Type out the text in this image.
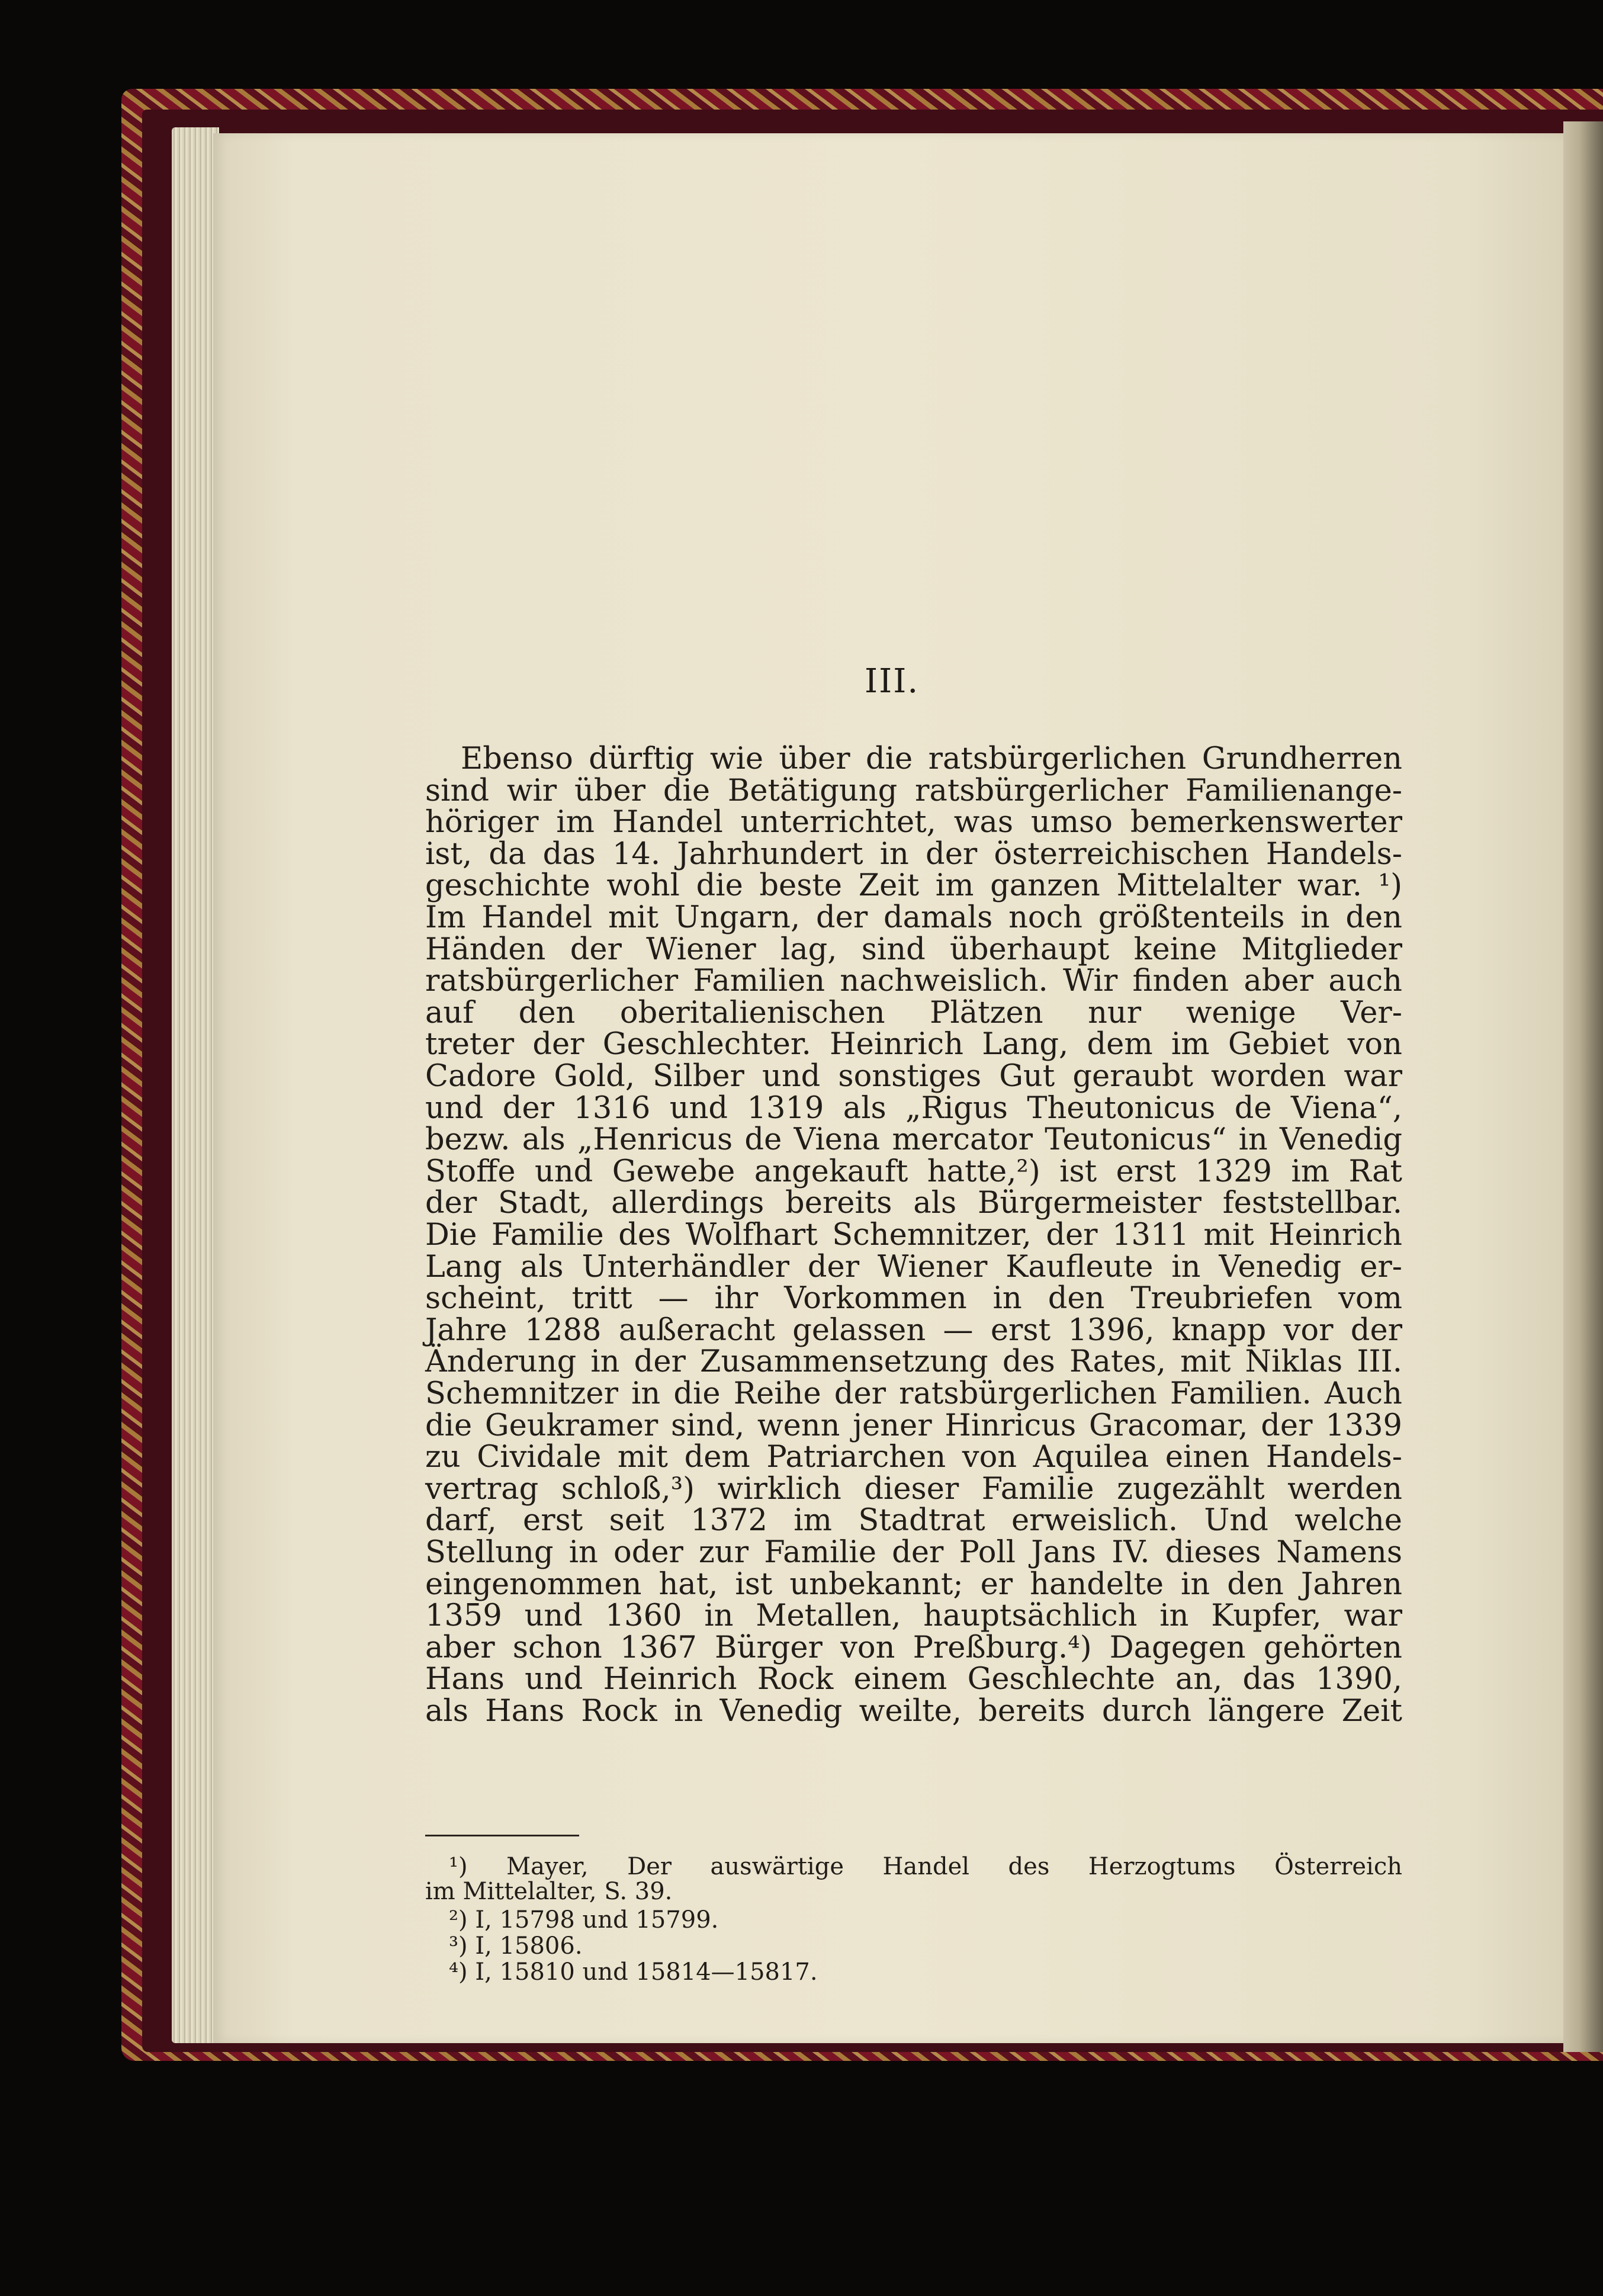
III.
Ebenso dürftig wie über die ratsbürgerlichen Grundherren
sind wir über die Betätigung ratsbürgerlicher Familienange-
höriger im Handel unterrichtet, was umso bemerkenswerter
ist, da das 14. Jahrhundert in der österreichischen Handels-
geschichte wohl die beste Zeit im ganzen Mittelalter war. ¹)
Im Handel mit Ungarn, der damals noch größtenteils in den
Händen der Wiener lag, sind überhaupt keine Mitglieder
ratsbürgerlicher Familien nachweislich. Wir finden aber auch
auf den oberitalienischen Plätzen nur wenige Ver-
treter der Geschlechter. Heinrich Lang, dem im Gebiet von
Cadore Gold, Silber und sonstiges Gut geraubt worden war
und der 1316 und 1319 als „Rigus Theutonicus de Viena“,
bezw. als „Henricus de Viena mercator Teutonicus“ in Venedig
Stoffe und Gewebe angekauft hatte,²) ist erst 1329 im Rat
der Stadt, allerdings bereits als Bürgermeister feststellbar.
Die Familie des Wolfhart Schemnitzer, der 1311 mit Heinrich
Lang als Unterhändler der Wiener Kaufleute in Venedig er-
scheint, tritt — ihr Vorkommen in den Treubriefen vom
Jahre 1288 außeracht gelassen — erst 1396, knapp vor der
Änderung in der Zusammensetzung des Rates, mit Niklas III.
Schemnitzer in die Reihe der ratsbürgerlichen Familien. Auch
die Geukramer sind, wenn jener Hinricus Gracomar, der 1339
zu Cividale mit dem Patriarchen von Aquilea einen Handels-
vertrag schloß,³) wirklich dieser Familie zugezählt werden
darf, erst seit 1372 im Stadtrat erweislich. Und welche
Stellung in oder zur Familie der Poll Jans IV. dieses Namens
eingenommen hat, ist unbekannt; er handelte in den Jahren
1359 und 1360 in Metallen, hauptsächlich in Kupfer, war
aber schon 1367 Bürger von Preßburg.⁴) Dagegen gehörten
Hans und Heinrich Rock einem Geschlechte an, das 1390,
als Hans Rock in Venedig weilte, bereits durch längere Zeit
¹) Mayer, Der auswärtige Handel des Herzogtums Österreich
im Mittelalter, S. 39.
²) I, 15798 und 15799.
³) I, 15806.
⁴) I, 15810 und 15814—15817.
